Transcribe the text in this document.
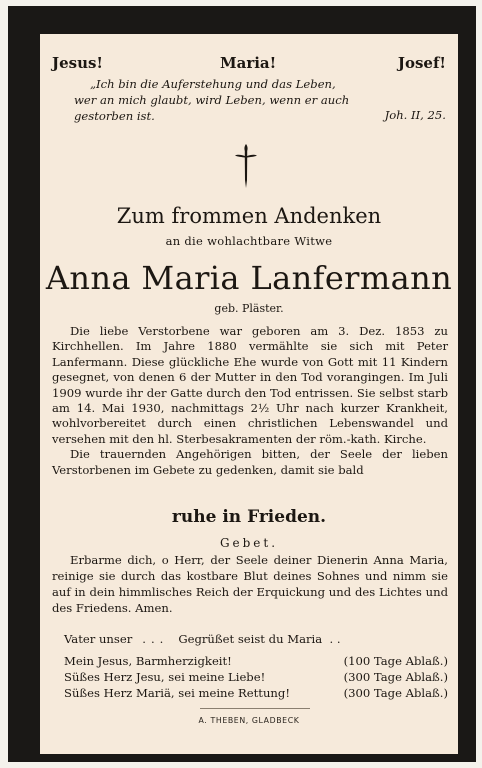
Jesus!	Maria!	Josef!

„Ich bin die Auferstehung und das Leben,

wer an mich glaubt, wird Leben, wenn er auch

gestorben ist.	Joh. II, 25.

Zum frommen Andenken

an die wohlachtbare Witwe

Anna Maria Lanfermann

geb. Pläster.

Die liebe Verstorbene war geboren am 3. Dez. 1853 zu Kirchhellen. Im Jahre 1880 vermählte sie sich mit Peter Lanfermann. Diese glückliche Ehe wurde von Gott mit 11 Kindern gesegnet, von denen 6 der Mutter in den Tod vorangingen. Im Juli 1909 wurde ihr der Gatte durch den Tod entrissen. Sie selbst starb am 14. Mai 1930, nachmittags 2½ Uhr nach kurzer Krankheit, wohlvorbereitet durch einen christlichen Lebenswandel und versehen mit den hl. Sterbesakramenten der röm.-kath. Kirche.

Die trauernden Angehörigen bitten, der Seele der lieben Verstorbenen im Gebete zu gedenken, damit sie bald

ruhe in Frieden.

Gebet.

Erbarme dich, o Herr, der Seele deiner Dienerin Anna Maria, reinige sie durch das kostbare Blut deines Sohnes und nimm sie auf in dein himmlisches Reich der Erquickung und des Lichtes und des Friedens. Amen.

Vater unser ... Gegrüßet seist du Maria . .

Mein Jesus, Barmherzigkeit!	(100 Tage Ablaß.)

Süßes Herz Jesu, sei meine Liebe!	(300 Tage Ablaß.)

Süßes Herz Mariä, sei meine Rettung!	(300 Tage Ablaß.)

A. THEBEN, GLADBECK
